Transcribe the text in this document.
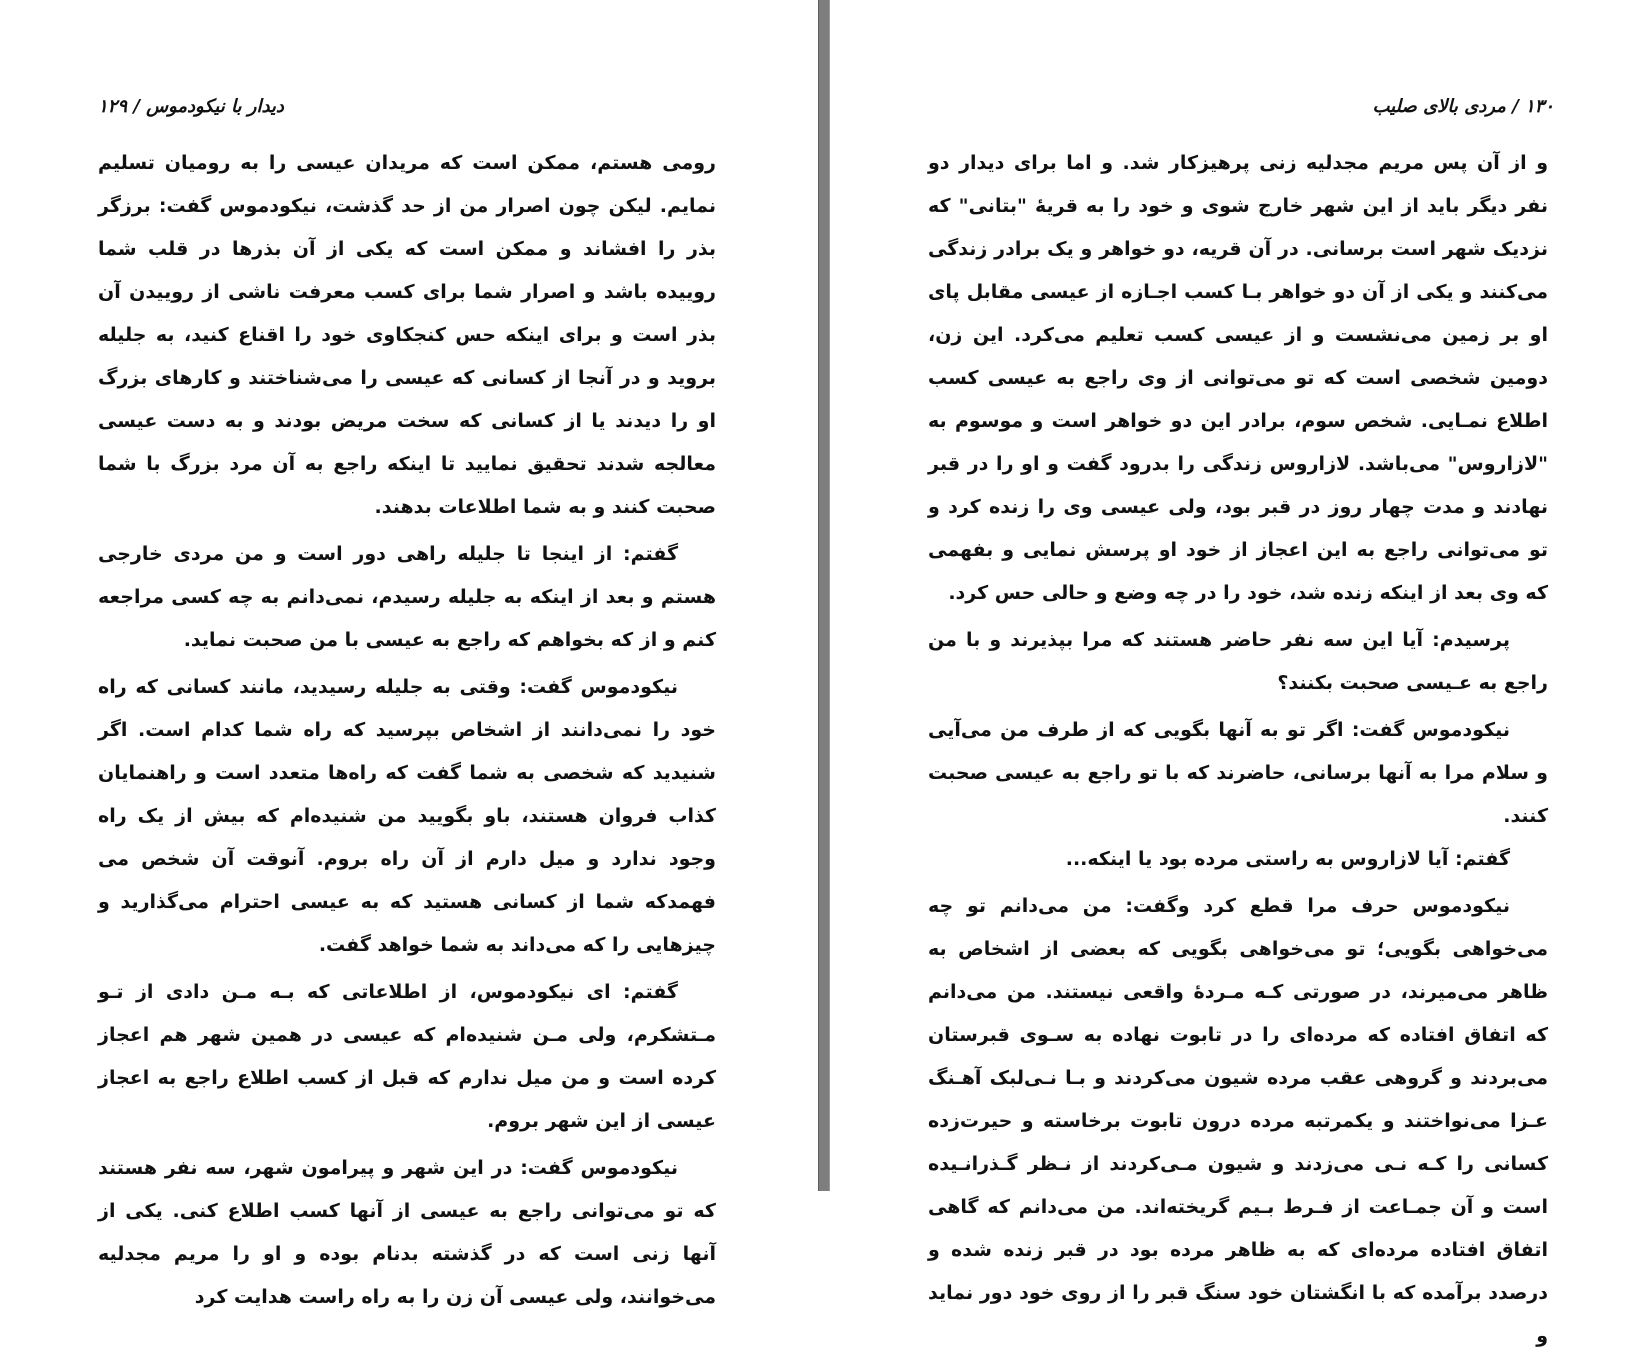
دیدار با نیکودموس / ۱۲۹

رومی هستم، ممکن است که مریدان عیسی را به رومیان تسلیم نمایم. لیکن چون اصرار من از حد گذشت، نیکودموس گفت: برزگر بذر را افشاند و ممکن است که یکی از آن بذرها در قلب شما روییده باشد و اصرار شما برای کسب معرفت ناشی از روییدن آن بذر است و برای اینکه حس کنجکاوی خود را اقناع کنید، به جلیله بروید و در آنجا از کسانی که عیسی را می‌شناختند و کارهای بزرگ او را دیدند یا از کسانی که سخت مریض بودند و به دست عیسی معالجه شدند تحقیق نمایید تا اینکه راجع به آن مرد بزرگ با شما صحبت کنند و به شما اطلاعات بدهند.

گفتم: از اینجا تا جلیله راهی دور است و من مردی خارجی هستم و بعد از اینکه به جلیله رسیدم، نمی‌دانم به چه کسی مراجعه کنم و از که بخواهم که راجع به عیسی با من صحبت نماید.

نیکودموس گفت: وقتی به جلیله رسیدید، مانند کسانی که راه خود را نمی‌دانند از اشخاص بپرسید که راه شما کدام است. اگر شنیدید که شخصی به شما گفت که راه‌ها متعدد است و راهنمایان کذاب فروان هستند، باو بگویید من شنیده‌ام که بیش از یک راه وجود ندارد و میل دارم از آن راه بروم. آنوقت آن شخص می فهمدکه شما از کسانی هستید که به عیسی احترام می‌گذارید و چیزهایی را که می‌داند به شما خواهد گفت.

گفتم: ای نیکودموس، از اطلاعاتی که بـه مـن دادی از تـو مـتشکرم، ولی مـن شنیده‌ام که عیسی در همین شهر هم اعجاز کرده است و من میل ندارم که قبل از کسب اطلاع راجع به اعجاز عیسی از این شهر بروم.

نیکودموس گفت: در این شهر و پیرامون شهر، سه نفر هستند که تو می‌توانی راجع به عیسی از آنها کسب اطلاع کنی. یکی از آنها زنی است که در گذشته بدنام بوده و او را مریم مجدلیه می‌خوانند، ولی عیسی آن زن را به راه راست هدایت کرد

۱۳۰ / مردی بالای صلیب

و از آن پس مریم مجدلیه زنی پرهیزکار شد. و اما برای دیدار دو نفر دیگر باید از این شهر خارج شوی و خود را به قریهٔ "بتانی" که نزدیک شهر است برسانی. در آن قریه، دو خواهر و یک برادر زندگی می‌کنند و یکی از آن دو خواهر بـا کسب اجـازه از عیسی مقابل پای او بر زمین می‌نشست و از عیسی کسب تعلیم می‌کرد. این زن، دومین شخصی است که تو می‌توانی از وی راجع به عیسی کسب اطلاع نمـایی. شخص سوم، برادر این دو خواهر است و موسوم به "لازاروس" می‌باشد. لازاروس زندگی را بدرود گفت و او را در قبر نهادند و مدت چهار روز در قبر بود، ولی عیسی وی را زنده کرد و تو می‌توانی راجع به این اعجاز از خود او پرسش نمایی و بفهمی که وی بعد از اینکه زنده شد، خود را در چه وضع و حالی حس کرد.

پرسیدم: آیا این سه نفر حاضر هستند که مرا بپذیرند و با من راجع به عـیسی صحبت بکنند؟

نیکودموس گفت: اگر تو به آنها بگویی که از طرف من می‌آیی و سلام مرا به آنها برسانی، حاضرند که با تو راجع به عیسی صحبت کنند.

گفتم: آیا لازاروس به راستی مرده بود یا اینکه...

نیکودموس حرف مرا قطع کرد وگفت: من می‌دانم تو چه می‌خواهی بگویی؛ تو می‌خواهی بگویی که بعضی از اشخاص به ظاهر می‌میرند، در صورتی کـه مـردهٔ واقعی نیستند. من می‌دانم که اتفاق افتاده که مرده‌ای را در تابوت نهاده به سـوی قبرستان می‌بردند و گروهی عقب مرده شیون می‌کردند و بـا نـی‌لبک آهـنگ عـزا می‌نواختند و یکمرتبه مرده درون تابوت برخاسته و حیرت‌زده کسانی را کـه نـی می‌زدند و شیون مـی‌کردند از نـظر گـذرانـیده است و آن جمـاعت از فـرط بـیم گریخته‌اند. من می‌دانم که گاهی اتفاق افتاده مرده‌ای که به ظاهر مرده بود در قبر زنده شده و درصدد برآمده که با انگشتان خود سنگ قبر را از روی خود دور نماید و
